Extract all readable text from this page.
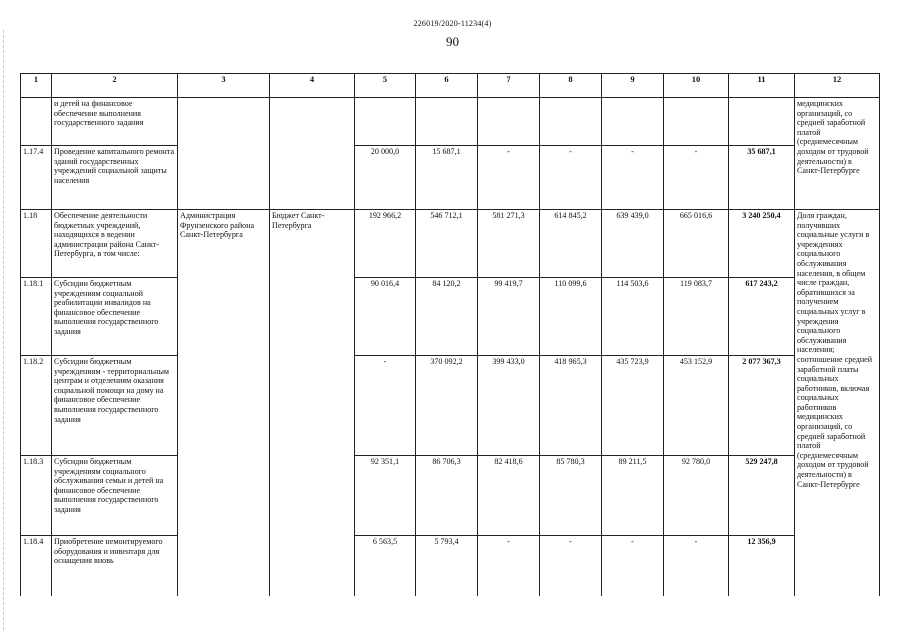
226019/2020-11234(4)
90
1	2	3	4	5	6	7	8	9	10	11	12
	и детей на финансовое обеспечение выполнения государственного задания										медицинских организаций, со средней заработной платой (среднемесячным доходом от трудовой деятельности) в Санкт-Петербурге
1.17.4	Проведение капитального ремонта зданий государственных учреждений социальной защиты населения			20 000,0	15 687,1	-	-	-	-	35 687,1	
1.18	Обеспечение деятельности бюджетных учреждений, находящихся в ведении администрации района Санкт-Петербурга, в том числе:	Администрация Фрунзенского района Санкт-Петербурга	Бюджет Санкт-Петербурга	192 966,2	546 712,1	581 271,3	614 845,2	639 439,0	665 016,6	3 240 250,4	Доля граждан, получивших социальные услуги в учреждениях социального обслуживания населения, в общем числе граждан, обратившихся за получением социальных услуг в учреждения социального обслуживания населения; соотношение средней заработной платы социальных работников, включая социальных работников медицинских организаций, со средней заработной платой (среднемесячным доходом от трудовой деятельности) в Санкт-Петербурге
1.18.1	Субсидии бюджетным учреждениям социальной реабилитации инвалидов на финансовое обеспечение выполнения государственного задания			90 016,4	84 120,2	99 419,7	110 099,6	114 503,6	119 083,7	617 243,2	
1.18.2	Субсидии бюджетным учреждениям - территориальным центрам и отделениям оказания социальной помощи на дому на финансовое обеспечение выполнения государственного задания			-	370 092,2	399 433,0	418 965,3	435 723,9	453 152,9	2 077 367,3	
1.18.3	Субсидии бюджетным учреждениям социального обслуживания семьи и детей на финансовое обеспечение выполнения государственного задания			92 351,1	86 706,3	82 418,6	85 780,3	89 211,5	92 780,0	529 247,8	
1.18.4	Приобретение немонтируемого оборудования и инвентаря для оснащения вновь			6 563,5	5 793,4	-	-	-	-	12 356,9	
